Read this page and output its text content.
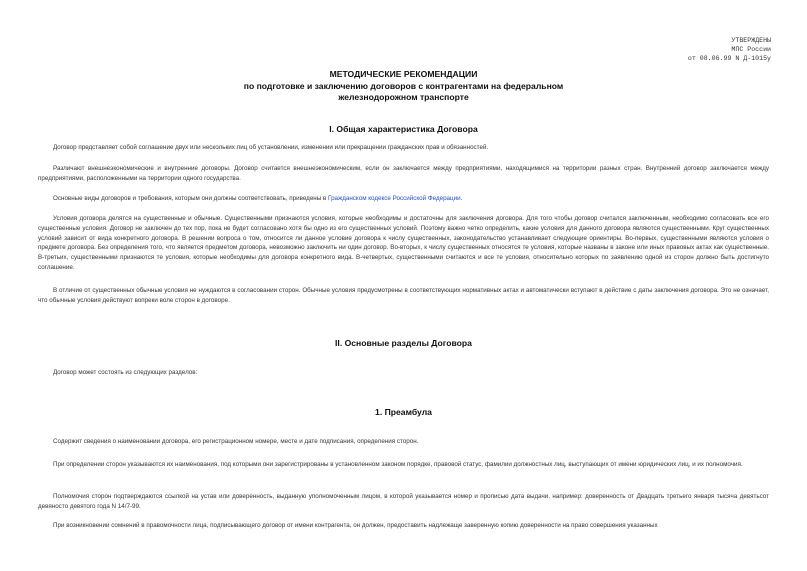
УТВЕРЖДЕНЫ
МПС России
от 08.06.99 N Д-1015у
МЕТОДИЧЕСКИЕ РЕКОМЕНДАЦИИ
по подготовке и заключению договоров с контрагентами на федеральном
железнодорожном транспорте
I. Общая характеристика Договора

Договор представляет собой соглашение двух или нескольких лиц об установлении, изменении или прекращении гражданских прав и обязанностей.

Различают внешнеэкономические и внутренние договоры. Договор считается внешнеэкономическим, если он заключается между предприятиями, находящимися на территории разных стран. Внутренний договор заключается между предприятиями, расположенными на территории одного государства.

Основные виды договоров и требования, которым они должны соответствовать, приведены в Гражданском кодексе Российской Федерации.

Условия договора делятся на существенные и обычные. Существенными признаются условия, которые необходимы и достаточны для заключения договора. Для того чтобы договор считался заключенным, необходимо согласовать все его существенные условия. Договор не заключен до тех пор, пока не будет согласовано хотя бы одно из его существенных условий. Поэтому важно четко определить, какие условия для данного договора являются существенными. Круг существенных условий зависит от вида конкретного договора. В решении вопроса о том, относится ли данное условие договора к числу существенных, законодательство устанавливает следующие ориентиры. Во-первых, существенными являются условия о предмете договора. Без определения того, что является предметом договора, невозможно заключить ни один договор. Во-вторых, к числу существенных относятся те условия, которые названы в законе или иных правовых актах как существенные. В-третьих, существенными признаются те условия, которые необходимы для договора конкретного вида. В-четвертых, существенными считаются и все те условия, относительно которых по заявлению одной из сторон должно быть достигнуто соглашение.

В отличие от существенных обычные условия не нуждаются в согласовании сторон. Обычные условия предусмотрены в соответствующих нормативных актах и автоматически вступают в действие с даты заключения договора. Это не означает, что обычные условия действуют вопреки воле сторон в договоре.

II. Основные разделы Договора

Договор может состоять из следующих разделов:

1. Преамбула

Содержит сведения о наименовании договора, его регистрационном номере, месте и дате подписания, определения сторон.

При определении сторон указываются их наименования, под которыми они зарегистрированы в установленном законом порядке, правовой статус, фамилии должностных лиц, выступающих от имени юридических лиц, и их полномочия.

Полномочия сторон подтверждаются ссылкой на устав или доверенность, выданную уполномоченным лицом, в которой указывается номер и прописью дата выдачи, например: доверенность от Двадцать третьего января тысяча девятьсот девяносто девятого года N 14/7-99.

При возникновении сомнений в правомочности лица, подписывающего договор от имени контрагента, он должен, предоставить надлежаще заверенную копию доверенности на право совершения указанных
